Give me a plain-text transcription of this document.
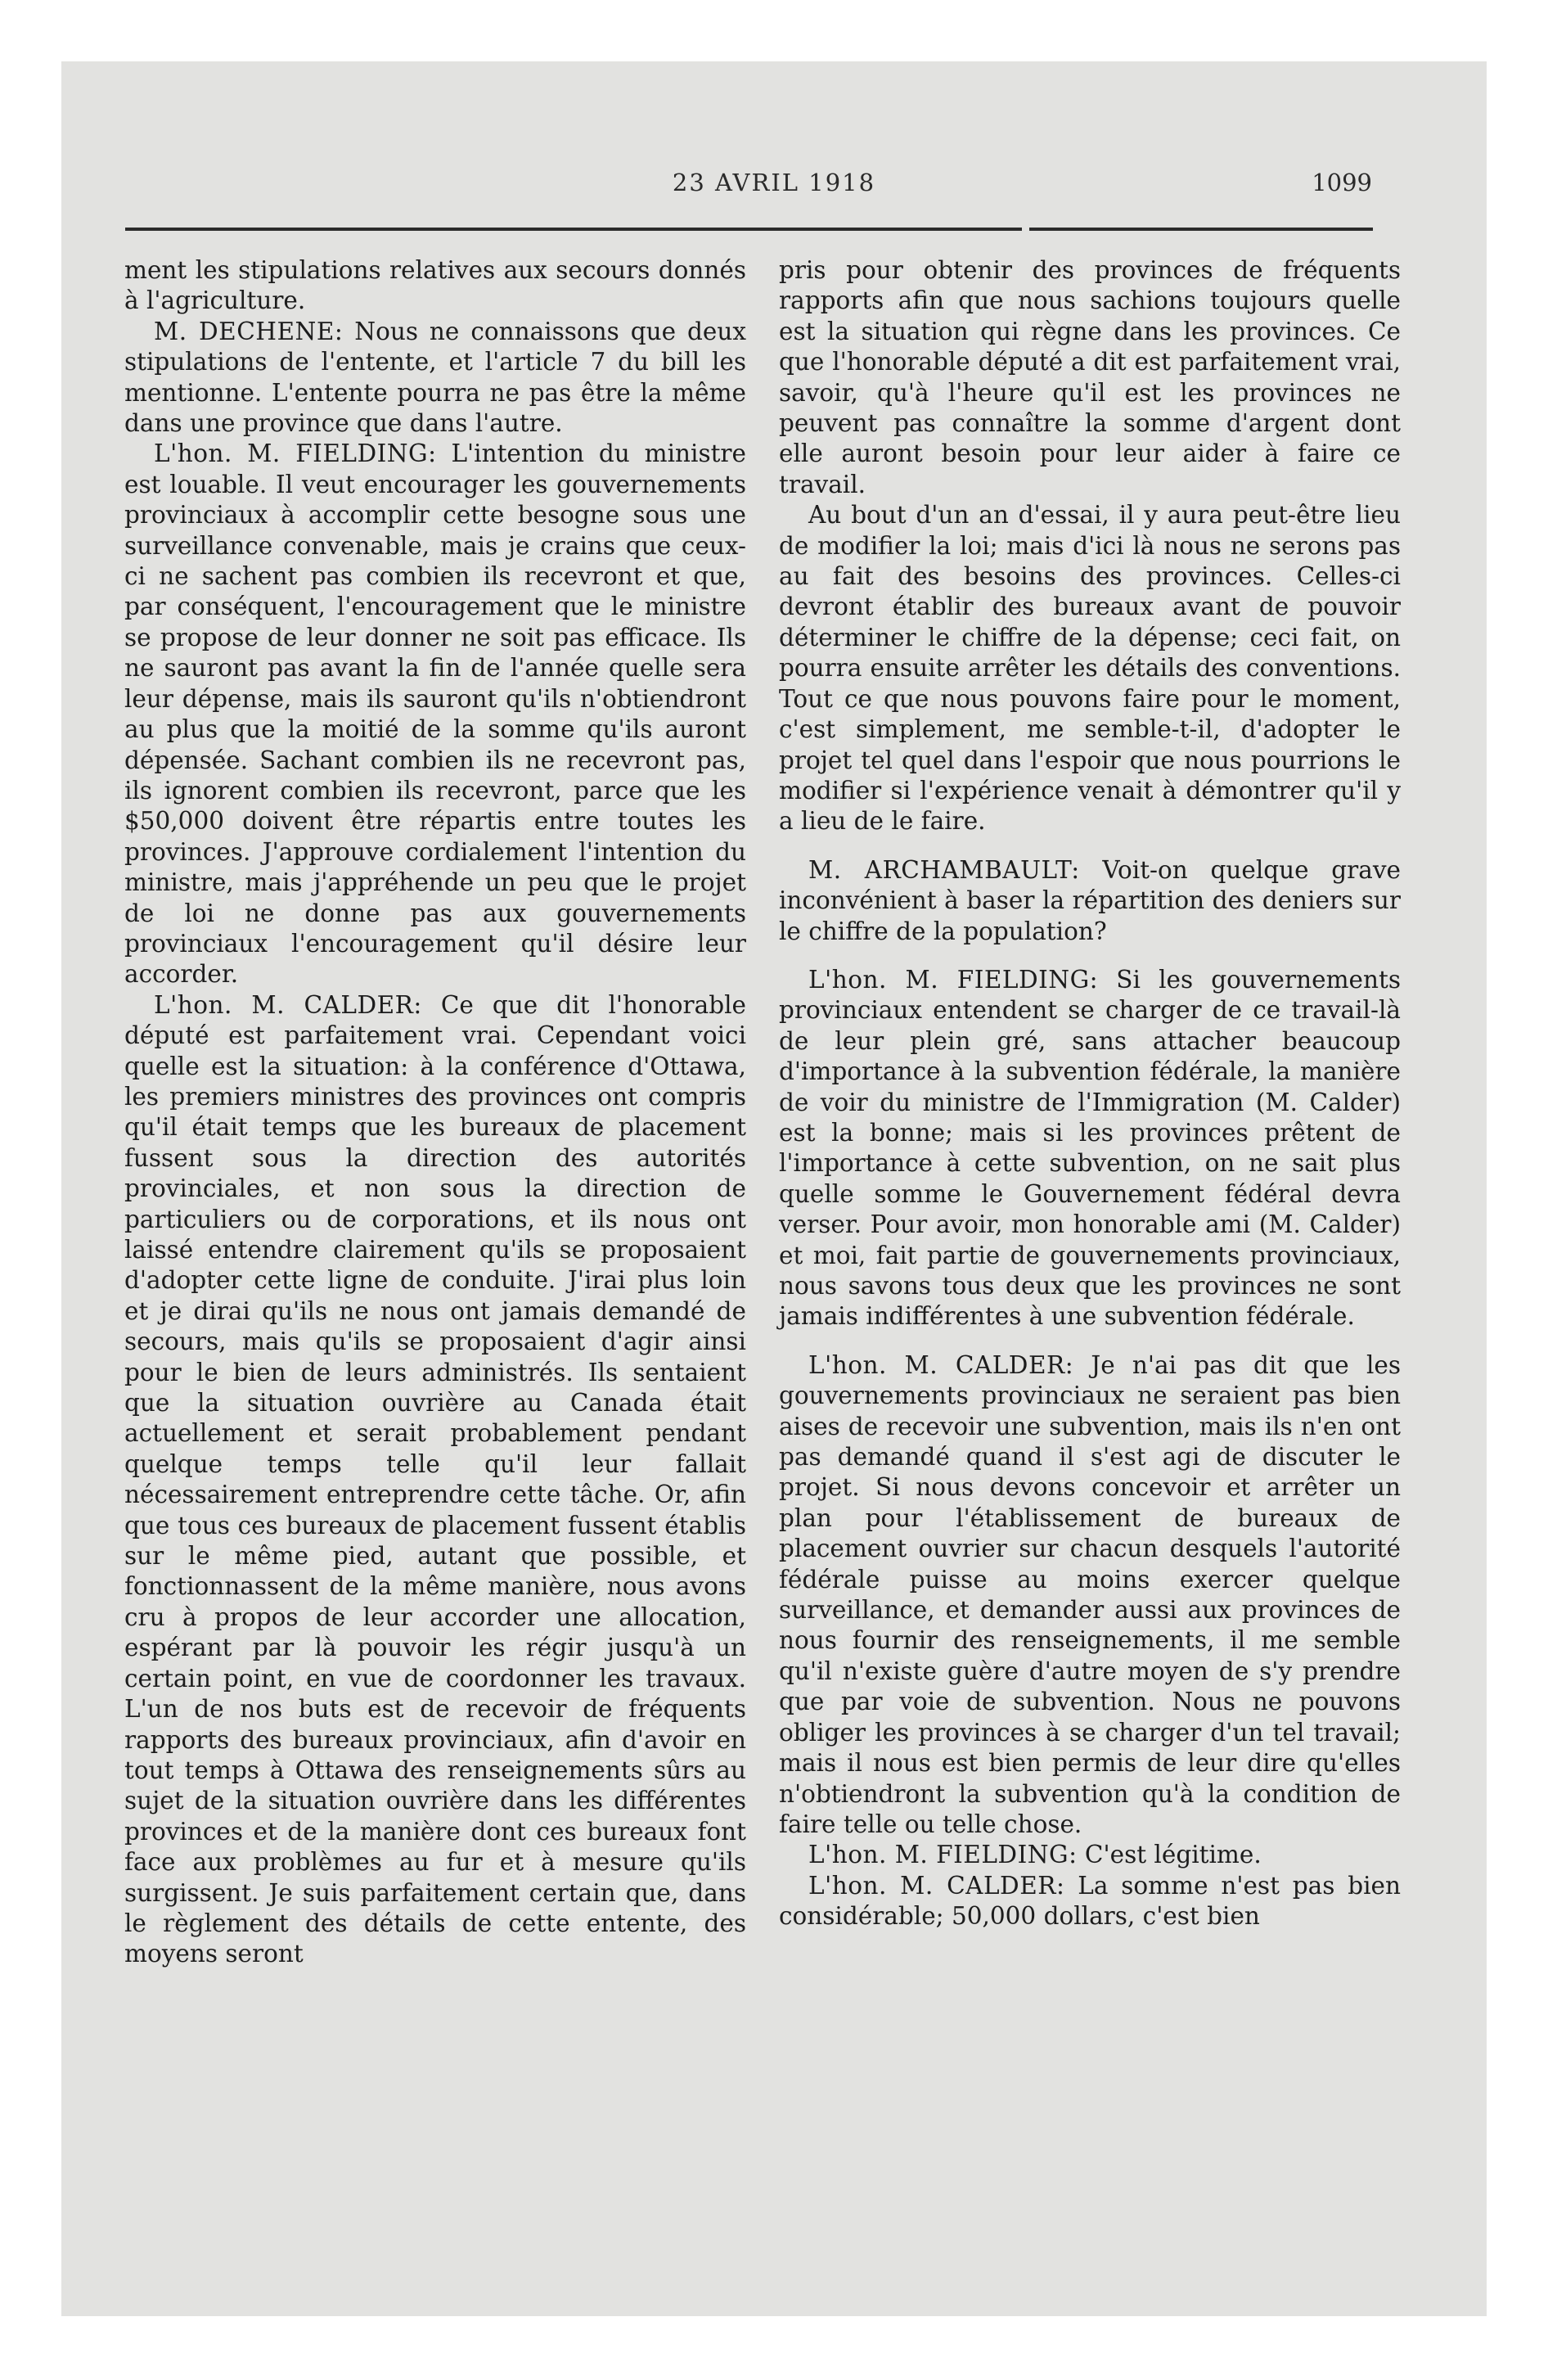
23 AVRIL 1918	1099

ment les stipulations relatives aux secours donnés à l'agriculture.

M. DECHENE: Nous ne connaissons que deux stipulations de l'entente, et l'article 7 du bill les mentionne. L'entente pourra ne pas être la même dans une province que dans l'autre.

L'hon. M. FIELDING: L'intention du ministre est louable. Il veut encourager les gouvernements provinciaux à accomplir cette besogne sous une surveillance convenable, mais je crains que ceux-ci ne sachent pas combien ils recevront et que, par conséquent, l'encouragement que le ministre se propose de leur donner ne soit pas efficace. Ils ne sauront pas avant la fin de l'année quelle sera leur dépense, mais ils sauront qu'ils n'obtiendront au plus que la moitié de la somme qu'ils auront dépensée. Sachant combien ils ne recevront pas, ils ignorent combien ils recevront, parce que les $50,000 doivent être répartis entre toutes les provinces. J'approuve cordialement l'intention du ministre, mais j'appréhende un peu que le projet de loi ne donne pas aux gouvernements provinciaux l'encouragement qu'il désire leur accorder.

L'hon. M. CALDER: Ce que dit l'honorable député est parfaitement vrai. Cependant voici quelle est la situation: à la conférence d'Ottawa, les premiers ministres des provinces ont compris qu'il était temps que les bureaux de placement fussent sous la direction des autorités provinciales, et non sous la direction de particuliers ou de corporations, et ils nous ont laissé entendre clairement qu'ils se proposaient d'adopter cette ligne de conduite. J'irai plus loin et je dirai qu'ils ne nous ont jamais demandé de secours, mais qu'ils se proposaient d'agir ainsi pour le bien de leurs administrés. Ils sentaient que la situation ouvrière au Canada était actuellement et serait probablement pendant quelque temps telle qu'il leur fallait nécessairement entreprendre cette tâche. Or, afin que tous ces bureaux de placement fussent établis sur le même pied, autant que possible, et fonctionnassent de la même manière, nous avons cru à propos de leur accorder une allocation, espérant par là pouvoir les régir jusqu'à un certain point, en vue de coordonner les travaux. L'un de nos buts est de recevoir de fréquents rapports des bureaux provinciaux, afin d'avoir en tout temps à Ottawa des renseignements sûrs au sujet de la situation ouvrière dans les différentes provinces et de la manière dont ces bureaux font face aux problèmes au fur et à mesure qu'ils surgissent. Je suis parfaitement certain que, dans le règlement des détails de cette entente, des moyens seront

pris pour obtenir des provinces de fréquents rapports afin que nous sachions toujours quelle est la situation qui règne dans les provinces. Ce que l'honorable député a dit est parfaitement vrai, savoir, qu'à l'heure qu'il est les provinces ne peuvent pas connaître la somme d'argent dont elle auront besoin pour leur aider à faire ce travail.

Au bout d'un an d'essai, il y aura peut-être lieu de modifier la loi; mais d'ici là nous ne serons pas au fait des besoins des provinces. Celles-ci devront établir des bureaux avant de pouvoir déterminer le chiffre de la dépense; ceci fait, on pourra ensuite arrêter les détails des conventions. Tout ce que nous pouvons faire pour le moment, c'est simplement, me semble-t-il, d'adopter le projet tel quel dans l'espoir que nous pourrions le modifier si l'expérience venait à démontrer qu'il y a lieu de le faire.

M. ARCHAMBAULT: Voit-on quelque grave inconvénient à baser la répartition des deniers sur le chiffre de la population?

L'hon. M. FIELDING: Si les gouvernements provinciaux entendent se charger de ce travail-là de leur plein gré, sans attacher beaucoup d'importance à la subvention fédérale, la manière de voir du ministre de l'Immigration (M. Calder) est la bonne; mais si les provinces prêtent de l'importance à cette subvention, on ne sait plus quelle somme le Gouvernement fédéral devra verser. Pour avoir, mon honorable ami (M. Calder) et moi, fait partie de gouvernements provinciaux, nous savons tous deux que les provinces ne sont jamais indifférentes à une subvention fédérale.

L'hon. M. CALDER: Je n'ai pas dit que les gouvernements provinciaux ne seraient pas bien aises de recevoir une subvention, mais ils n'en ont pas demandé quand il s'est agi de discuter le projet. Si nous devons concevoir et arrêter un plan pour l'établissement de bureaux de placement ouvrier sur chacun desquels l'autorité fédérale puisse au moins exercer quelque surveillance, et demander aussi aux provinces de nous fournir des renseignements, il me semble qu'il n'existe guère d'autre moyen de s'y prendre que par voie de subvention. Nous ne pouvons obliger les provinces à se charger d'un tel travail; mais il nous est bien permis de leur dire qu'elles n'obtiendront la subvention qu'à la condition de faire telle ou telle chose.

L'hon. M. FIELDING: C'est légitime.

L'hon. M. CALDER: La somme n'est pas bien considérable; 50,000 dollars, c'est bien
